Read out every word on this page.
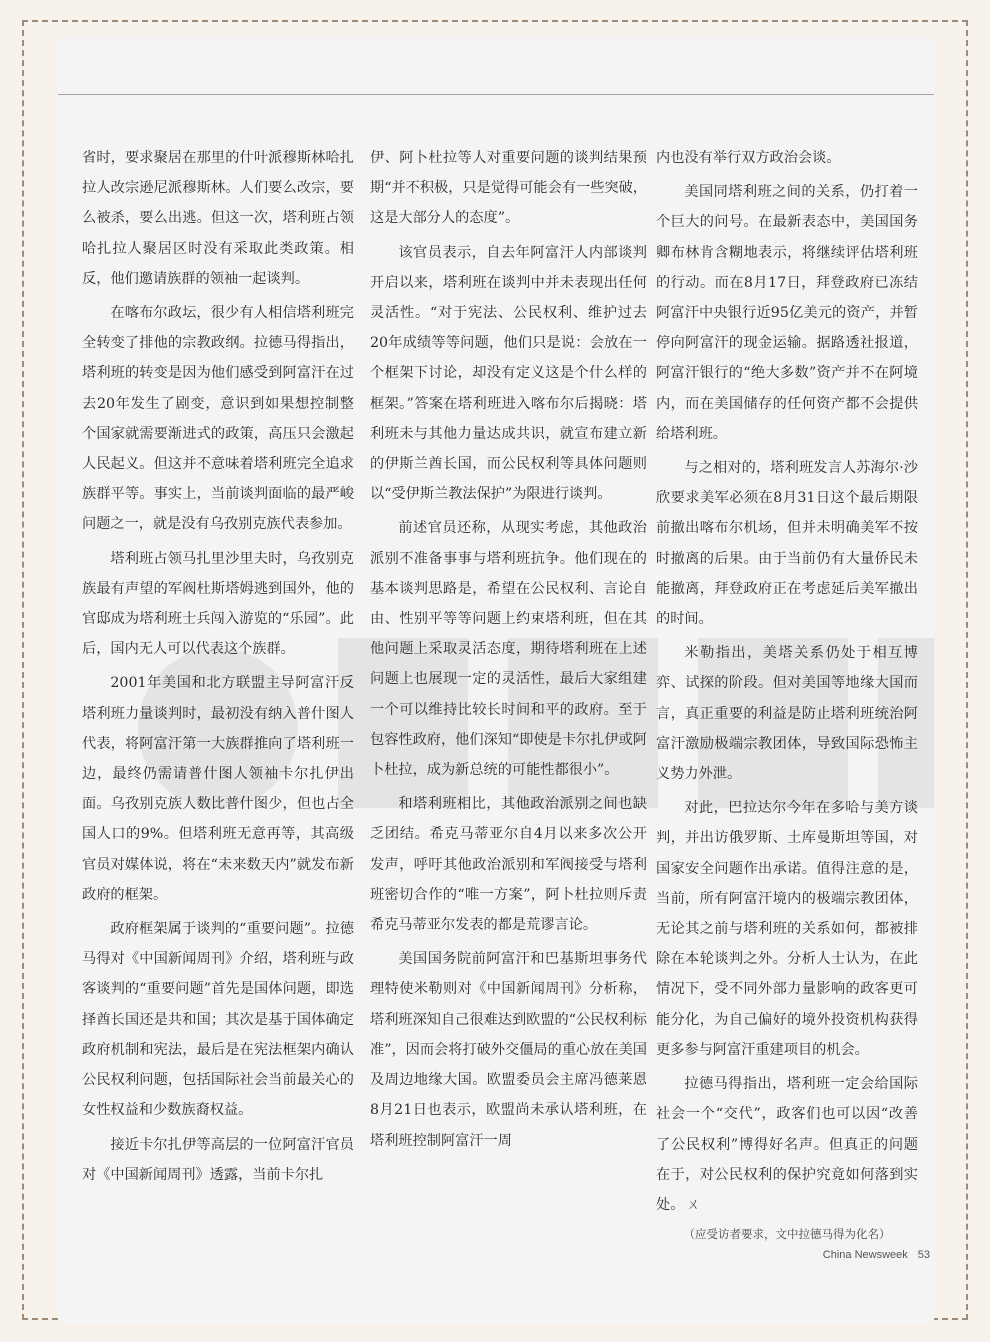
省时，要求聚居在那里的什叶派穆斯林哈扎拉人改宗逊尼派穆斯林。人们要么改宗，要么被杀，要么出逃。但这一次，塔利班占领哈扎拉人聚居区时没有采取此类政策。相反，他们邀请族群的领袖一起谈判。

在喀布尔政坛，很少有人相信塔利班完全转变了排他的宗教政纲。拉德马得指出，塔利班的转变是因为他们感受到阿富汗在过去20年发生了剧变，意识到如果想控制整个国家就需要渐进式的政策，高压只会激起人民起义。但这并不意味着塔利班完全追求族群平等。事实上，当前谈判面临的最严峻问题之一，就是没有乌孜别克族代表参加。

塔利班占领马扎里沙里夫时，乌孜别克族最有声望的军阀杜斯塔姆逃到国外，他的官邸成为塔利班士兵闯入游览的“乐园”。此后，国内无人可以代表这个族群。

2001年美国和北方联盟主导阿富汗反塔利班力量谈判时，最初没有纳入普什图人代表，将阿富汗第一大族群推向了塔利班一边，最终仍需请普什图人领袖卡尔扎伊出面。乌孜别克族人数比普什图少，但也占全国人口的9%。但塔利班无意再等，其高级官员对媒体说，将在“未来数天内”就发布新政府的框架。

政府框架属于谈判的“重要问题”。拉德马得对《中国新闻周刊》介绍，塔利班与政客谈判的“重要问题”首先是国体问题，即选择酋长国还是共和国；其次是基于国体确定政府机制和宪法，最后是在宪法框架内确认公民权利问题，包括国际社会当前最关心的女性权益和少数族裔权益。

接近卡尔扎伊等高层的一位阿富汗官员对《中国新闻周刊》透露，当前卡尔扎

伊、阿卜杜拉等人对重要问题的谈判结果预期“并不积极，只是觉得可能会有一些突破，这是大部分人的态度”。

该官员表示，自去年阿富汗人内部谈判开启以来，塔利班在谈判中并未表现出任何灵活性。“对于宪法、公民权利、维护过去20年成绩等等问题，他们只是说：会放在一个框架下讨论，却没有定义这是个什么样的框架。”答案在塔利班进入喀布尔后揭晓：塔利班未与其他力量达成共识，就宣布建立新的伊斯兰酋长国，而公民权利等具体问题则以“受伊斯兰教法保护”为限进行谈判。

前述官员还称，从现实考虑，其他政治派别不准备事事与塔利班抗争。他们现在的基本谈判思路是，希望在公民权利、言论自由、性别平等等问题上约束塔利班，但在其他问题上采取灵活态度，期待塔利班在上述问题上也展现一定的灵活性，最后大家组建一个可以维持比较长时间和平的政府。至于包容性政府，他们深知“即使是卡尔扎伊或阿卜杜拉，成为新总统的可能性都很小”。

和塔利班相比，其他政治派别之间也缺乏团结。希克马蒂亚尔自4月以来多次公开发声，呼吁其他政治派别和军阀接受与塔利班密切合作的“唯一方案”，阿卜杜拉则斥责希克马蒂亚尔发表的都是荒谬言论。

美国国务院前阿富汗和巴基斯坦事务代理特使米勒则对《中国新闻周刊》分析称，塔利班深知自己很难达到欧盟的“公民权利标准”，因而会将打破外交僵局的重心放在美国及周边地缘大国。欧盟委员会主席冯德莱恩8月21日也表示，欧盟尚未承认塔利班，在塔利班控制阿富汗一周

内也没有举行双方政治会谈。

美国同塔利班之间的关系，仍打着一个巨大的问号。在最新表态中，美国国务卿布林肯含糊地表示，将继续评估塔利班的行动。而在8月17日，拜登政府已冻结阿富汗中央银行近95亿美元的资产，并暂停向阿富汗的现金运输。据路透社报道，阿富汗银行的“绝大多数”资产并不在阿境内，而在美国储存的任何资产都不会提供给塔利班。

与之相对的，塔利班发言人苏海尔·沙欣要求美军必须在8月31日这个最后期限前撤出喀布尔机场，但并未明确美军不按时撤离的后果。由于当前仍有大量侨民未能撤离，拜登政府正在考虑延后美军撤出的时间。

米勒指出，美塔关系仍处于相互博弈、试探的阶段。但对美国等地缘大国而言，真正重要的利益是防止塔利班统治阿富汗激励极端宗教团体，导致国际恐怖主义势力外泄。

对此，巴拉达尔今年在多哈与美方谈判，并出访俄罗斯、土库曼斯坦等国，对国家安全问题作出承诺。值得注意的是，当前，所有阿富汗境内的极端宗教团体，无论其之前与塔利班的关系如何，都被排除在本轮谈判之外。分析人士认为，在此情况下，受不同外部力量影响的政客更可能分化，为自己偏好的境外投资机构获得更多参与阿富汗重建项目的机会。

拉德马得指出，塔利班一定会给国际社会一个“交代”，政客们也可以因“改善了公民权利”博得好名声。但真正的问题在于，对公民权利的保护究竟如何落到实处。 ㄨ

（应受访者要求，文中拉德马得为化名）

China Newsweek 53
